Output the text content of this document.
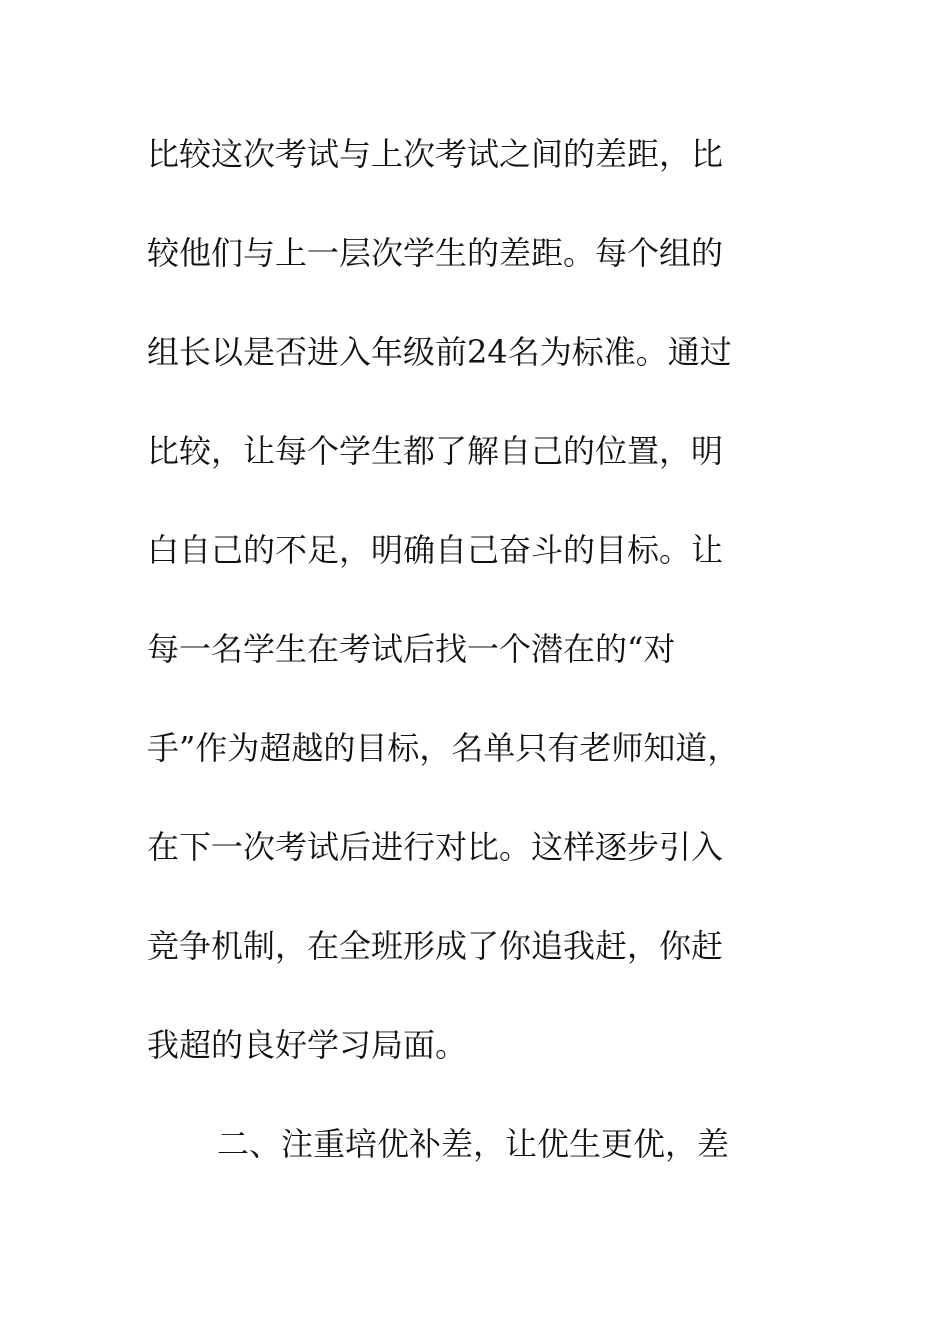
比较这次考试与上次考试之间的差距，比
较他们与上一层次学生的差距。每个组的
组长以是否进入年级前24名为标准。通过
比较，让每个学生都了解自己的位置，明
白自己的不足，明确自己奋斗的目标。让
每一名学生在考试后找一个潜在的“对
手”作为超越的目标，名单只有老师知道，
在下一次考试后进行对比。这样逐步引入
竞争机制，在全班形成了你追我赶，你赶
我超的良好学习局面。
二、注重培优补差，让优生更优，差
